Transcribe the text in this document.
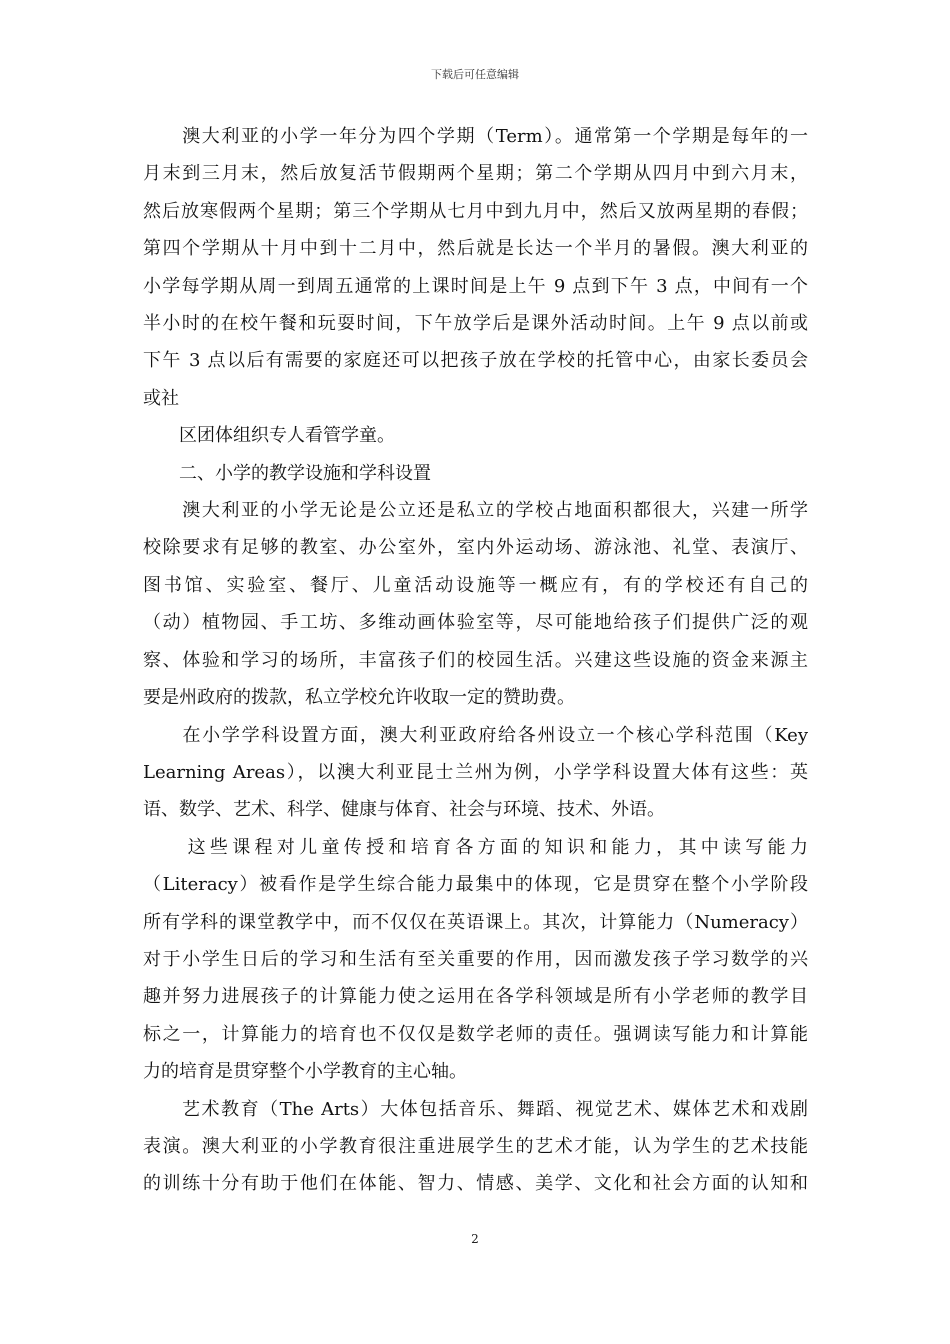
下载后可任意编辑
　　澳大利亚的小学一年分为四个学期（Term）。通常第一个学期是每年的一
月末到三月末，然后放复活节假期两个星期；第二个学期从四月中到六月末，
然后放寒假两个星期；第三个学期从七月中到九月中，然后又放两星期的春假；
第四个学期从十月中到十二月中，然后就是长达一个半月的暑假。澳大利亚的
小学每学期从周一到周五通常的上课时间是上午 9 点到下午 3 点，中间有一个
半小时的在校午餐和玩耍时间，下午放学后是课外活动时间。上午 9 点以前或
下午 3 点以后有需要的家庭还可以把孩子放在学校的托管中心，由家长委员会
或社
　　区团体组织专人看管学童。
　　二、小学的教学设施和学科设置
　　澳大利亚的小学无论是公立还是私立的学校占地面积都很大，兴建一所学
校除要求有足够的教室、办公室外，室内外运动场、游泳池、礼堂、表演厅、
图书馆、实验室、餐厅、儿童活动设施等一概应有，有的学校还有自己的
（动）植物园、手工坊、多维动画体验室等，尽可能地给孩子们提供广泛的观
察、体验和学习的场所，丰富孩子们的校园生活。兴建这些设施的资金来源主
要是州政府的拨款，私立学校允许收取一定的赞助费。
　　在小学学科设置方面，澳大利亚政府给各州设立一个核心学科范围（Key
Learning Areas），以澳大利亚昆士兰州为例，小学学科设置大体有这些：英
语、数学、艺术、科学、健康与体育、社会与环境、技术、外语。
　　这些课程对儿童传授和培育各方面的知识和能力，其中读写能力
（Literacy）被看作是学生综合能力最集中的体现，它是贯穿在整个小学阶段
所有学科的课堂教学中，而不仅仅在英语课上。其次，计算能力（Numeracy）
对于小学生日后的学习和生活有至关重要的作用，因而激发孩子学习数学的兴
趣并努力进展孩子的计算能力使之运用在各学科领域是所有小学老师的教学目
标之一，计算能力的培育也不仅仅是数学老师的责任。强调读写能力和计算能
力的培育是贯穿整个小学教育的主心轴。
　　艺术教育（The Arts）大体包括音乐、舞蹈、视觉艺术、媒体艺术和戏剧
表演。澳大利亚的小学教育很注重进展学生的艺术才能，认为学生的艺术技能
的训练十分有助于他们在体能、智力、情感、美学、文化和社会方面的认知和
2
